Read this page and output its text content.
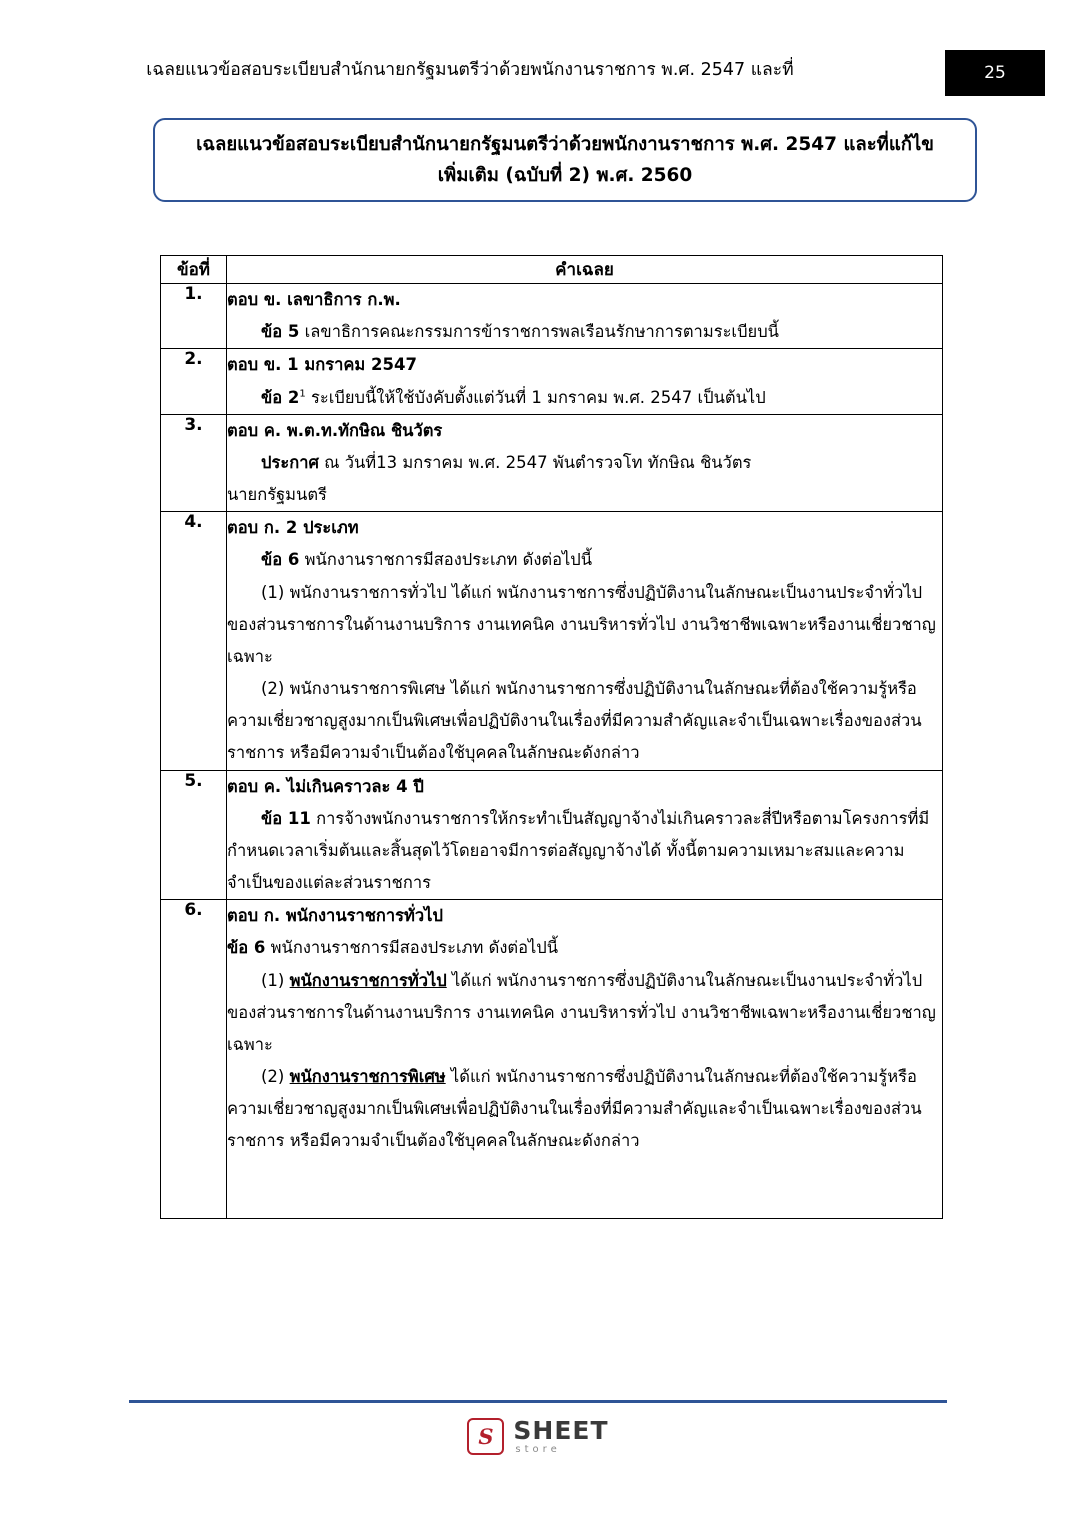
เฉลยแนวข้อสอบระเบียบสำนักนายกรัฐมนตรีว่าด้วยพนักงานราชการ พ.ศ. 2547 และที่	25
เฉลยแนวข้อสอบระเบียบสำนักนายกรัฐมนตรีว่าด้วยพนักงานราชการ พ.ศ. 2547 และที่แก้ไข
เพิ่มเติม (ฉบับที่ 2) พ.ศ. 2560
ข้อที่	คำเฉลย
1.	ตอบ ข. เลขาธิการ ก.พ.

ข้อ 5 เลขาธิการคณะกรรมการข้าราชการพลเรือนรักษาการตามระเบียบนี้

2.	ตอบ ข. 1 มกราคม 2547

ข้อ $2^1$ ระเบียบนี้ให้ใช้บังคับตั้งแต่วันที่ 1 มกราคม พ.ศ. 2547 เป็นต้นไป

3.	ตอบ ค. พ.ต.ท.ทักษิณ ชินวัตร

ประกาศ ณ วันที่13 มกราคม พ.ศ. 2547 พันตำรวจโท ทักษิณ ชินวัตร

นายกรัฐมนตรี

4.	ตอบ ก. 2 ประเภท

ข้อ 6 พนักงานราชการมีสองประเภท ดังต่อไปนี้

(1) พนักงานราชการทั่วไป ได้แก่ พนักงานราชการซึ่งปฏิบัติงานในลักษณะเป็นงานประจำทั่วไปของส่วนราชการในด้านงานบริการ งานเทคนิค งานบริหารทั่วไป งานวิชาชีพเฉพาะหรืองานเชี่ยวชาญเฉพาะ

(2) พนักงานราชการพิเศษ ได้แก่ พนักงานราชการซึ่งปฏิบัติงานในลักษณะที่ต้องใช้ความรู้หรือความเชี่ยวชาญสูงมากเป็นพิเศษเพื่อปฏิบัติงานในเรื่องที่มีความสำคัญและจำเป็นเฉพาะเรื่องของส่วนราชการ หรือมีความจำเป็นต้องใช้บุคคลในลักษณะดังกล่าว

5.	ตอบ ค. ไม่เกินคราวละ 4 ปี

ข้อ 11 การจ้างพนักงานราชการให้กระทำเป็นสัญญาจ้างไม่เกินคราวละสี่ปีหรือตามโครงการที่มีกำหนดเวลาเริ่มต้นและสิ้นสุดไว้โดยอาจมีการต่อสัญญาจ้างได้ ทั้งนี้ตามความเหมาะสมและความจำเป็นของแต่ละส่วนราชการ

6.	ตอบ ก. พนักงานราชการทั่วไป

ข้อ 6 พนักงานราชการมีสองประเภท ดังต่อไปนี้

(1) พนักงานราชการทั่วไป ได้แก่ พนักงานราชการซึ่งปฏิบัติงานในลักษณะเป็นงานประจำทั่วไปของส่วนราชการในด้านงานบริการ งานเทคนิค งานบริหารทั่วไป งานวิชาชีพเฉพาะหรืองานเชี่ยวชาญเฉพาะ

(2) พนักงานราชการพิเศษ ได้แก่ พนักงานราชการซึ่งปฏิบัติงานในลักษณะที่ต้องใช้ความรู้หรือความเชี่ยวชาญสูงมากเป็นพิเศษเพื่อปฏิบัติงานในเรื่องที่มีความสำคัญและจำเป็นเฉพาะเรื่องของส่วนราชการ หรือมีความจำเป็นต้องใช้บุคคลในลักษณะดังกล่าว

S SHEET
store
